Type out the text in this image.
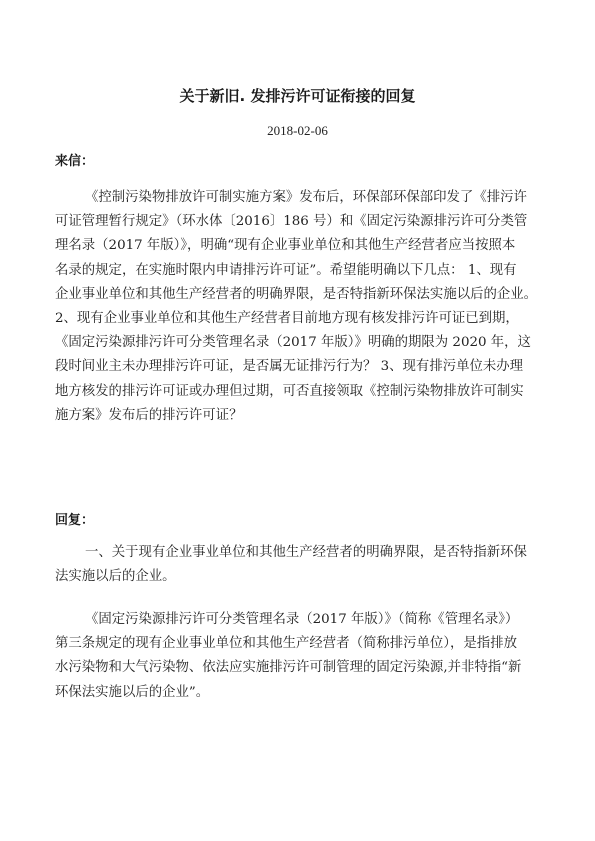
关于新旧. 发排污许可证衔接的回复
2018-02-06
来信：

《控制污染物排放许可制实施方案》发布后，环保部环保部印发了《排污许
可证管理暂行规定》（环水体〔2016〕186 号）和《固定污染源排污许可分类管
理名录（2017 年版）》，明确“现有企业事业单位和其他生产经营者应当按照本
名录的规定，在实施时限内申请排污许可证”。希望能明确以下几点： 1、现有
企业事业单位和其他生产经营者的明确界限，是否特指新环保法实施以后的企业。
2、现有企业事业单位和其他生产经营者目前地方现有核发排污许可证已到期，
《固定污染源排污许可分类管理名录（2017 年版）》明确的期限为 2020 年，这
段时间业主未办理排污许可证，是否属无证排污行为？ 3、现有排污单位未办理
地方核发的排污许可证或办理但过期，可否直接领取《控制污染物排放许可制实
施方案》发布后的排污许可证？

回复：

一、关于现有企业事业单位和其他生产经营者的明确界限，是否特指新环保
法实施以后的企业。

《固定污染源排污许可分类管理名录（2017 年版）》（简称《管理名录》）
第三条规定的现有企业事业单位和其他生产经营者（简称排污单位），是指排放
水污染物和大气污染物、依法应实施排污许可制管理的固定污染源,并非特指“新
环保法实施以后的企业”。
